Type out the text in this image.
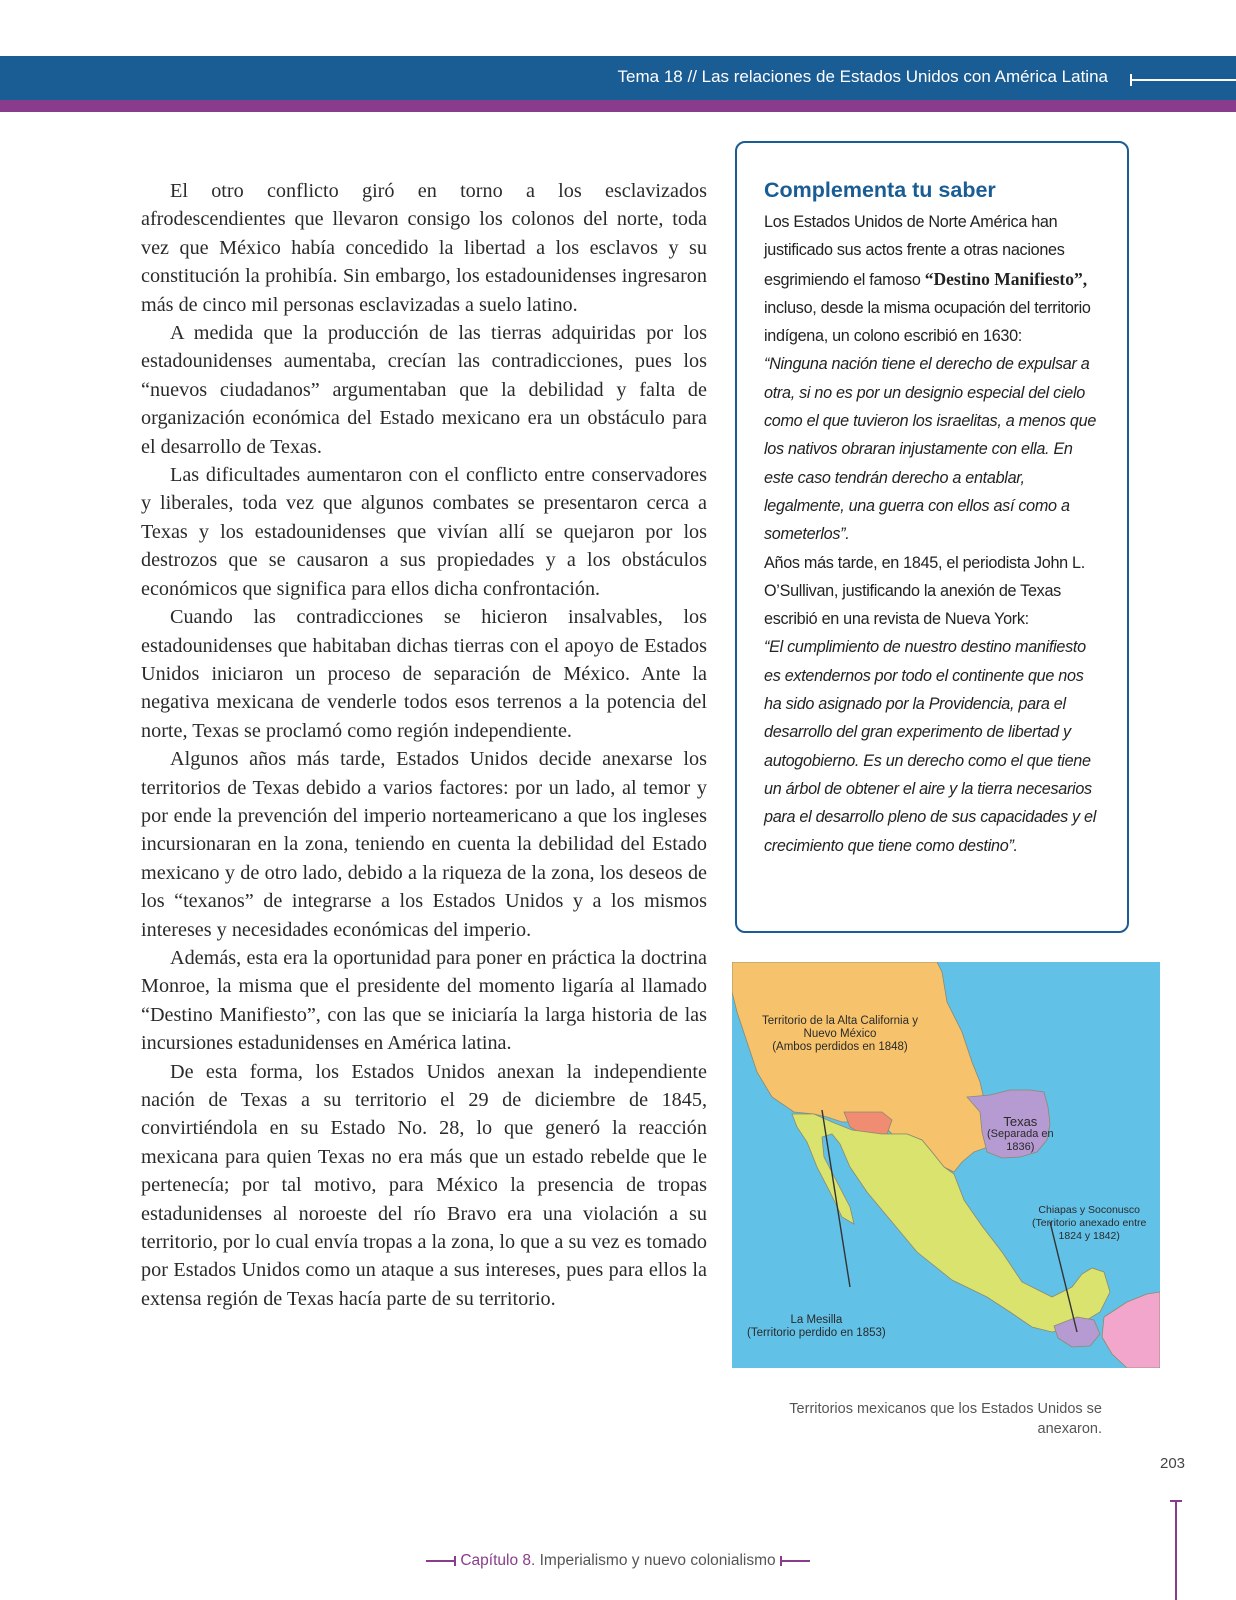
Tema 18 // Las relaciones de Estados Unidos con América Latina

El otro conflicto giró en torno a los esclavizados afrodescendientes que llevaron consigo los colonos del norte, toda vez que México había concedido la libertad a los esclavos y su constitución la prohibía. Sin embargo, los estadounidenses ingresaron más de cinco mil personas esclavizadas a suelo latino.

A medida que la producción de las tierras adquiridas por los estadounidenses aumentaba, crecían las contradicciones, pues los “nuevos ciudadanos” argumentaban que la debilidad y falta de organización económica del Estado mexicano era un obstáculo para el desarrollo de Texas.

Las dificultades aumentaron con el conflicto entre conservadores y liberales, toda vez que algunos combates se presentaron cerca a Texas y los estadounidenses que vivían allí se quejaron por los destrozos que se causaron a sus propiedades y a los obstáculos económicos que significa para ellos dicha confrontación.

Cuando las contradicciones se hicieron insalvables, los estadounidenses que habitaban dichas tierras con el apoyo de Estados Unidos iniciaron un proceso de separación de México. Ante la negativa mexicana de venderle todos esos terrenos a la potencia del norte, Texas se proclamó como región independiente.

Algunos años más tarde, Estados Unidos decide anexarse los territorios de Texas debido a varios factores: por un lado, al temor y por ende la prevención del imperio norteamericano a que los ingleses incursionaran en la zona, teniendo en cuenta la debilidad del Estado mexicano y de otro lado, debido a la riqueza de la zona, los deseos de los “texanos” de integrarse a los Estados Unidos y a los mismos intereses y necesidades económicas del imperio.

Además, esta era la oportunidad para poner en práctica la doctrina Monroe, la misma que el presidente del momento ligaría al llamado “Destino Manifiesto”, con las que se iniciaría la larga historia de las incursiones estadunidenses en América latina.

De esta forma, los Estados Unidos anexan la independiente nación de Texas a su territorio el 29 de diciembre de 1845, convirtiéndola en su Estado No. 28, lo que generó la reacción mexicana para quien Texas no era más que un estado rebelde que le pertenecía; por tal motivo, para México la presencia de tropas estadunidenses al noroeste del río Bravo era una violación a su territorio, por lo cual envía tropas a la zona, lo que a su vez es tomado por Estados Unidos como un ataque a sus intereses, pues para ellos la extensa región de Texas hacía parte de su territorio.

Complementa tu saber

Los Estados Unidos de Norte América han justificado sus actos frente a otras naciones esgrimiendo el famoso “Destino Manifiesto”, incluso, desde la misma ocupación del territorio indígena, un colono escribió en 1630:

“Ninguna nación tiene el derecho de expulsar a otra, si no es por un designio especial del cielo como el que tuvieron los israelitas, a menos que los nativos obraran injustamente con ella. En este caso tendrán derecho a entablar, legalmente, una guerra con ellos así como a someterlos”.

Años más tarde, en 1845, el periodista John L. O’Sullivan, justificando la anexión de Texas escribió en una revista de Nueva York:

“El cumplimiento de nuestro destino manifiesto es extendernos por todo el continente que nos ha sido asignado por la Providencia, para el desarrollo del gran experimento de libertad y autogobierno. Es un derecho como el que tiene un árbol de obtener el aire y la tierra necesarios para el desarrollo pleno de sus capacidades y el crecimiento que tiene como destino”.

Territorio de la Alta California y
Nuevo México
(Ambos perdidos en 1848)
Texas
(Separada en
1836)
Chiapas y Soconusco
(Territorio anexado entre
1824 y 1842)
La Mesilla
(Territorio perdido en 1853)
Territorios mexicanos que los Estados Unidos se anexaron.
203
Capítulo 8. Imperialismo y nuevo colonialismo
